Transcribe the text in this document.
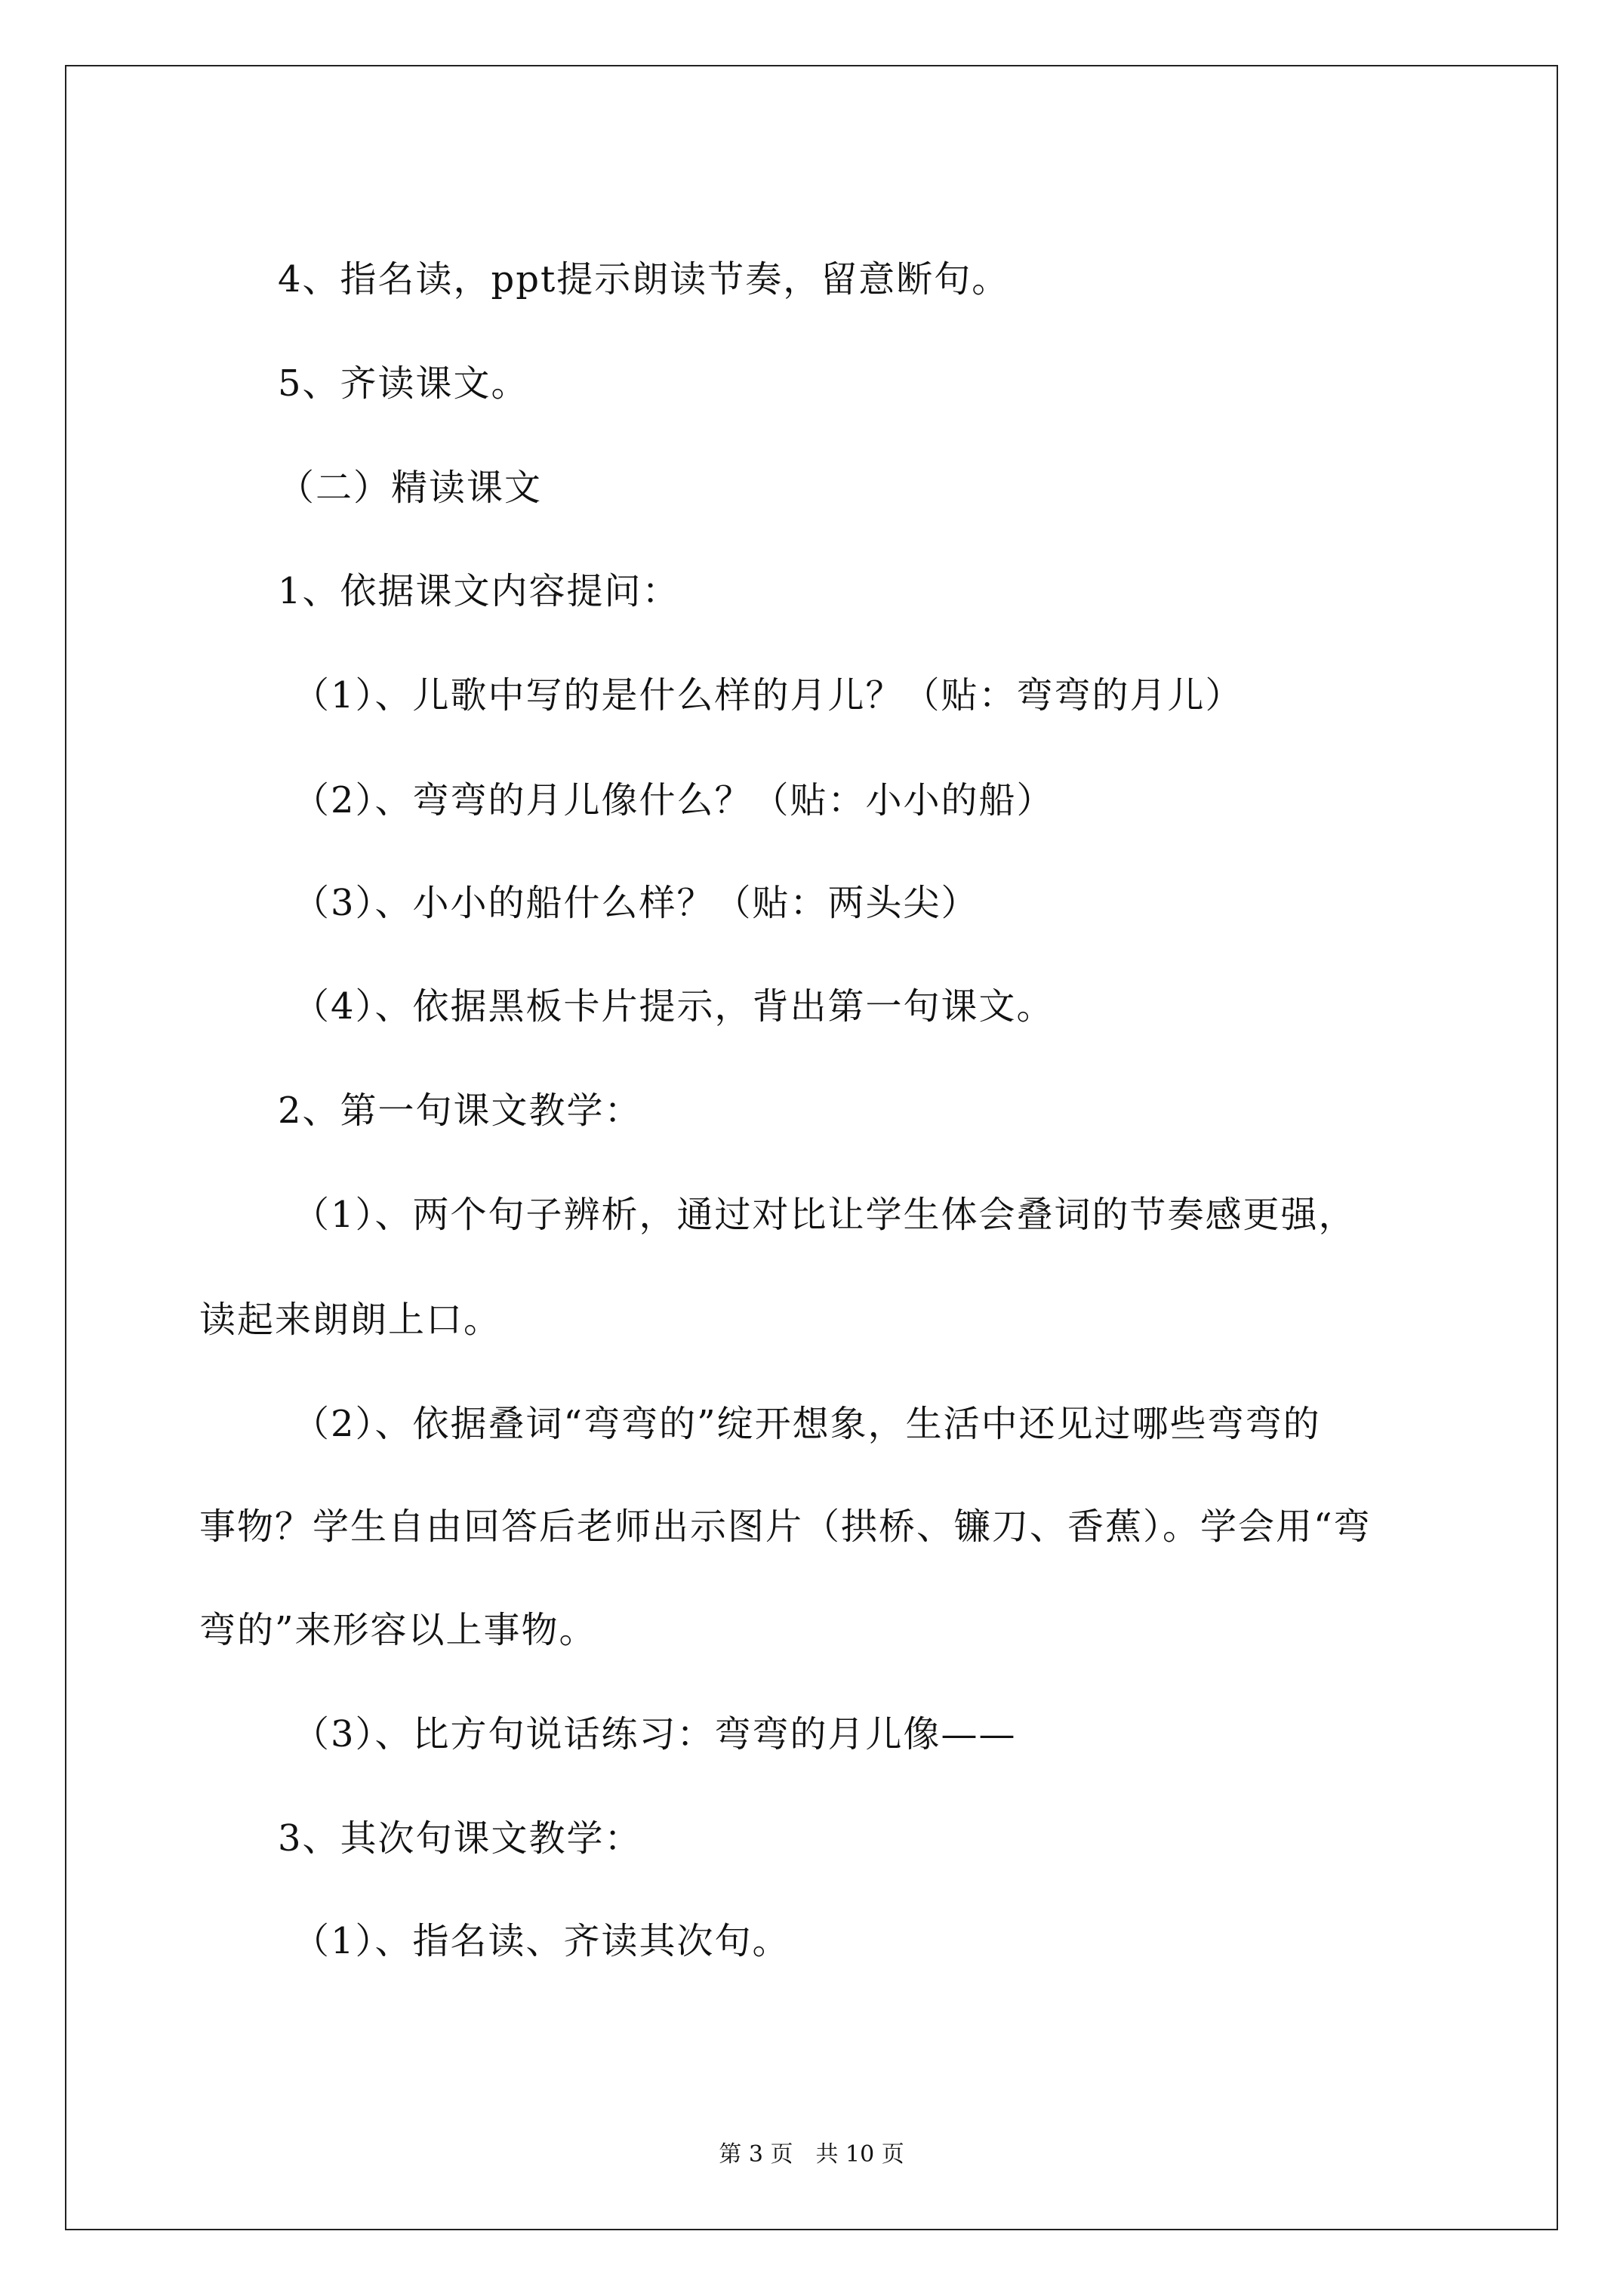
4、指名读，ppt提示朗读节奏，留意断句。
5、齐读课文。
（二）精读课文
1、依据课文内容提问：
（1）、儿歌中写的是什么样的月儿？（贴：弯弯的月儿）
（2）、弯弯的月儿像什么？（贴：小小的船）
（3）、小小的船什么样？（贴：两头尖）
（4）、依据黑板卡片提示，背出第一句课文。
2、第一句课文教学：
（1）、两个句子辨析，通过对比让学生体会叠词的节奏感更强，
读起来朗朗上口。
（2）、依据叠词“弯弯的”绽开想象，生活中还见过哪些弯弯的
事物？学生自由回答后老师出示图片（拱桥、镰刀、香蕉）。学会用“弯
弯的”来形容以上事物。
（3）、比方句说话练习：弯弯的月儿像——
3、其次句课文教学：
（1）、指名读、齐读其次句。
第 3 页　共 10 页
